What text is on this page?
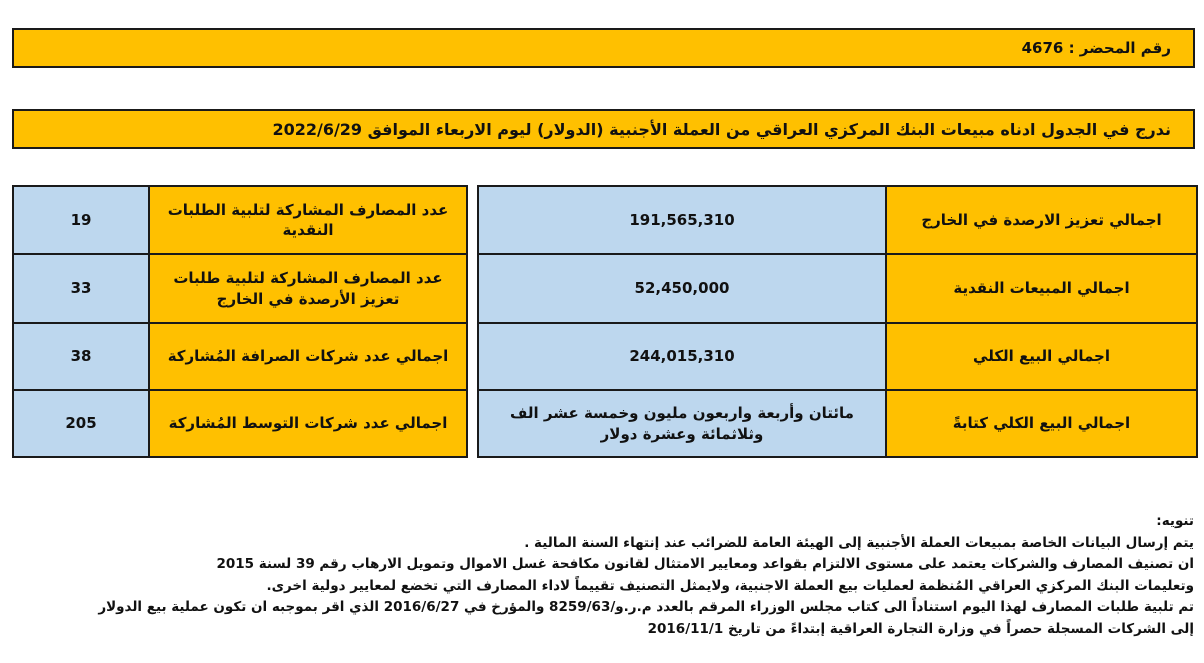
رقم المحضر : 4676
ندرج في الجدول ادناه مبيعات البنك المركزي العراقي من العملة الأجنبية (الدولار) ليوم الاربعاء الموافق 2022/6/29
اجمالي تعزيز الارصدة في الخارج	191,565,310
اجمالي المبيعات النقدية	52,450,000
اجمالي البيع الكلي	244,015,310
اجمالي البيع الكلي كتابةً	مائتان وأربعة واربعون مليون وخمسة عشر الف وثلاثمائة وعشرة دولار
عدد المصارف المشاركة لتلبية الطلبات النقدية	19
عدد المصارف المشاركة لتلبية طلبات تعزيز الأرصدة في الخارج	33
اجمالي عدد شركات الصرافة المُشاركة	38
اجمالي عدد شركات التوسط المُشاركة	205

تنويه:

يتم إرسال البيانات الخاصة بمبيعات العملة الأجنبية إلى الهيئة العامة للضرائب عند إنتهاء السنة المالية .

ان تصنيف المصارف والشركات يعتمد على مستوى الالتزام بقواعد ومعايير الامتثال لقانون مكافحة غسل الاموال وتمويل الارهاب رقم 39 لسنة 2015

وتعليمات البنك المركزي العراقي المُنظمة لعمليات بيع العملة الاجنبية، ولايمثل التصنيف تقييماً لاداء المصارف التي تخضع لمعايير دولية اخرى.

تم تلبية طلبات المصارف لهذا اليوم استناداً الى كتاب مجلس الوزراء المرقم بالعدد م.ر.و/8259/63 والمؤرخ في 2016/6/27 الذي اقر بموجبه ان تكون عملية بيع الدولار

إلى الشركات المسجلة حصراً في وزارة التجارة العراقية إبتداءً من تاريخ 2016/11/1
